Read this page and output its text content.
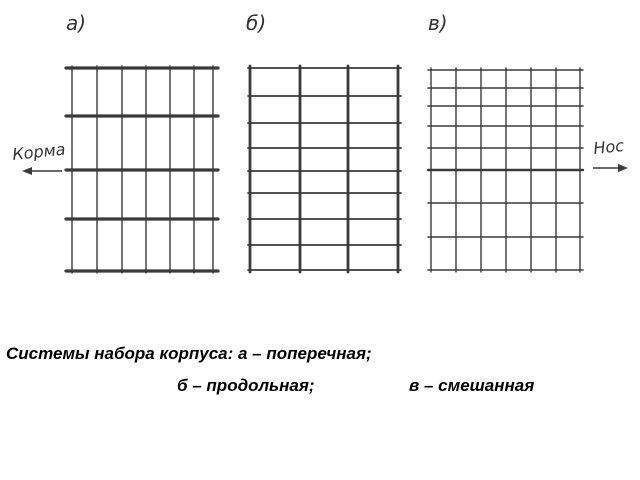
а)	б)	в)
Корма	Нос

Системы набора корпуса: а – поперечная;

б – продольная;	в – смешанная
